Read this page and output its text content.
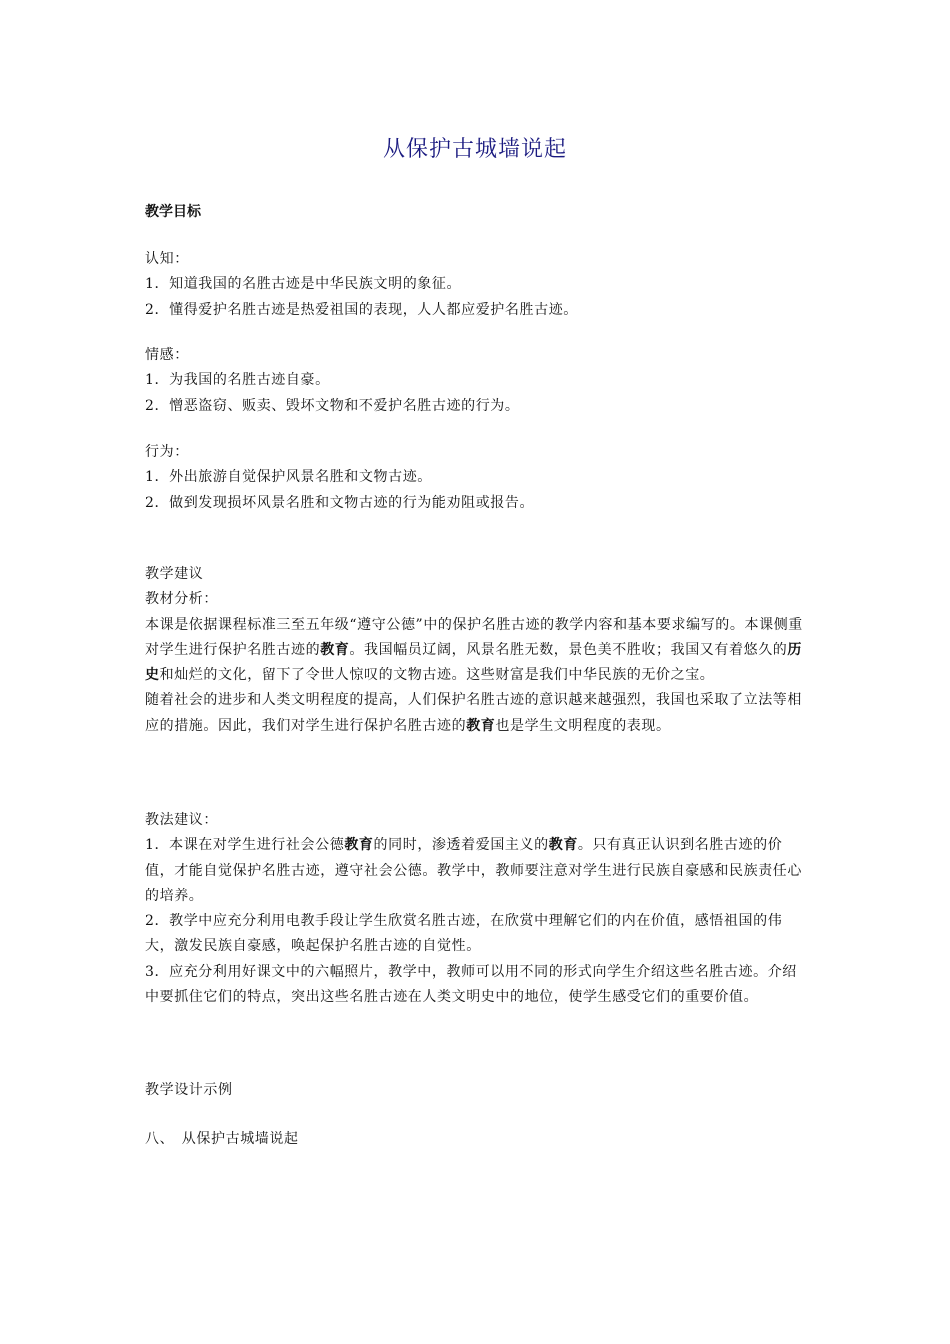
从保护古城墙说起
教学目标

认知：

1．知道我国的名胜古迹是中华民族文明的象征。

2．懂得爱护名胜古迹是热爱祖国的表现，人人都应爱护名胜古迹。

情感：

1．为我国的名胜古迹自豪。

2．憎恶盗窃、贩卖、毁坏文物和不爱护名胜古迹的行为。

行为：

1．外出旅游自觉保护风景名胜和文物古迹。

2．做到发现损坏风景名胜和文物古迹的行为能劝阻或报告。

教学建议

教材分析：

本课是依据课程标准三至五年级“遵守公德”中的保护名胜古迹的教学内容和基本要求编写的。本课侧重对学生进行保护名胜古迹的教育。我国幅员辽阔，风景名胜无数，景色美不胜收；我国又有着悠久的历史和灿烂的文化，留下了令世人惊叹的文物古迹。这些财富是我们中华民族的无价之宝。

随着社会的进步和人类文明程度的提高，人们保护名胜古迹的意识越来越强烈，我国也采取了立法等相应的措施。因此，我们对学生进行保护名胜古迹的教育也是学生文明程度的表现。

教法建议：

1．本课在对学生进行社会公德教育的同时，渗透着爱国主义的教育。只有真正认识到名胜古迹的价值，才能自觉保护名胜古迹，遵守社会公德。教学中，教师要注意对学生进行民族自豪感和民族责任心的培养。

2．教学中应充分利用电教手段让学生欣赏名胜古迹，在欣赏中理解它们的内在价值，感悟祖国的伟大，激发民族自豪感，唤起保护名胜古迹的自觉性。

3．应充分利用好课文中的六幅照片，教学中，教师可以用不同的形式向学生介绍这些名胜古迹。介绍中要抓住它们的特点，突出这些名胜古迹在人类文明史中的地位，使学生感受它们的重要价值。

教学设计示例
八、　从保护古城墙说起
